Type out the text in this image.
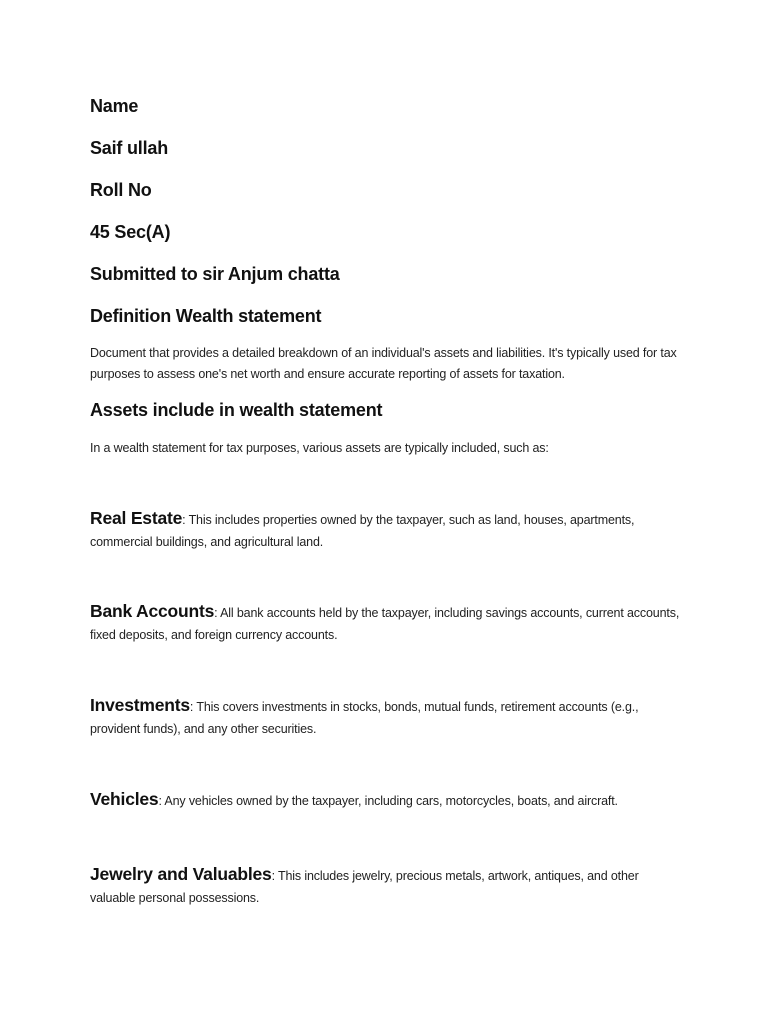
Name
Saif ullah
Roll No
45 Sec(A)
Submitted to sir Anjum chatta
Definition Wealth statement
Document that provides a detailed breakdown of an individual's assets and liabilities. It's typically used for tax purposes to assess one's net worth and ensure accurate reporting of assets for taxation.
Assets include in wealth statement
In a wealth statement for tax purposes, various assets are typically included, such as:
Real Estate: This includes properties owned by the taxpayer, such as land, houses, apartments, commercial buildings, and agricultural land.
Bank Accounts: All bank accounts held by the taxpayer, including savings accounts, current accounts, fixed deposits, and foreign currency accounts.
Investments: This covers investments in stocks, bonds, mutual funds, retirement accounts (e.g., provident funds), and any other securities.
Vehicles: Any vehicles owned by the taxpayer, including cars, motorcycles, boats, and aircraft.
Jewelry and Valuables: This includes jewelry, precious metals, artwork, antiques, and other valuable personal possessions.
